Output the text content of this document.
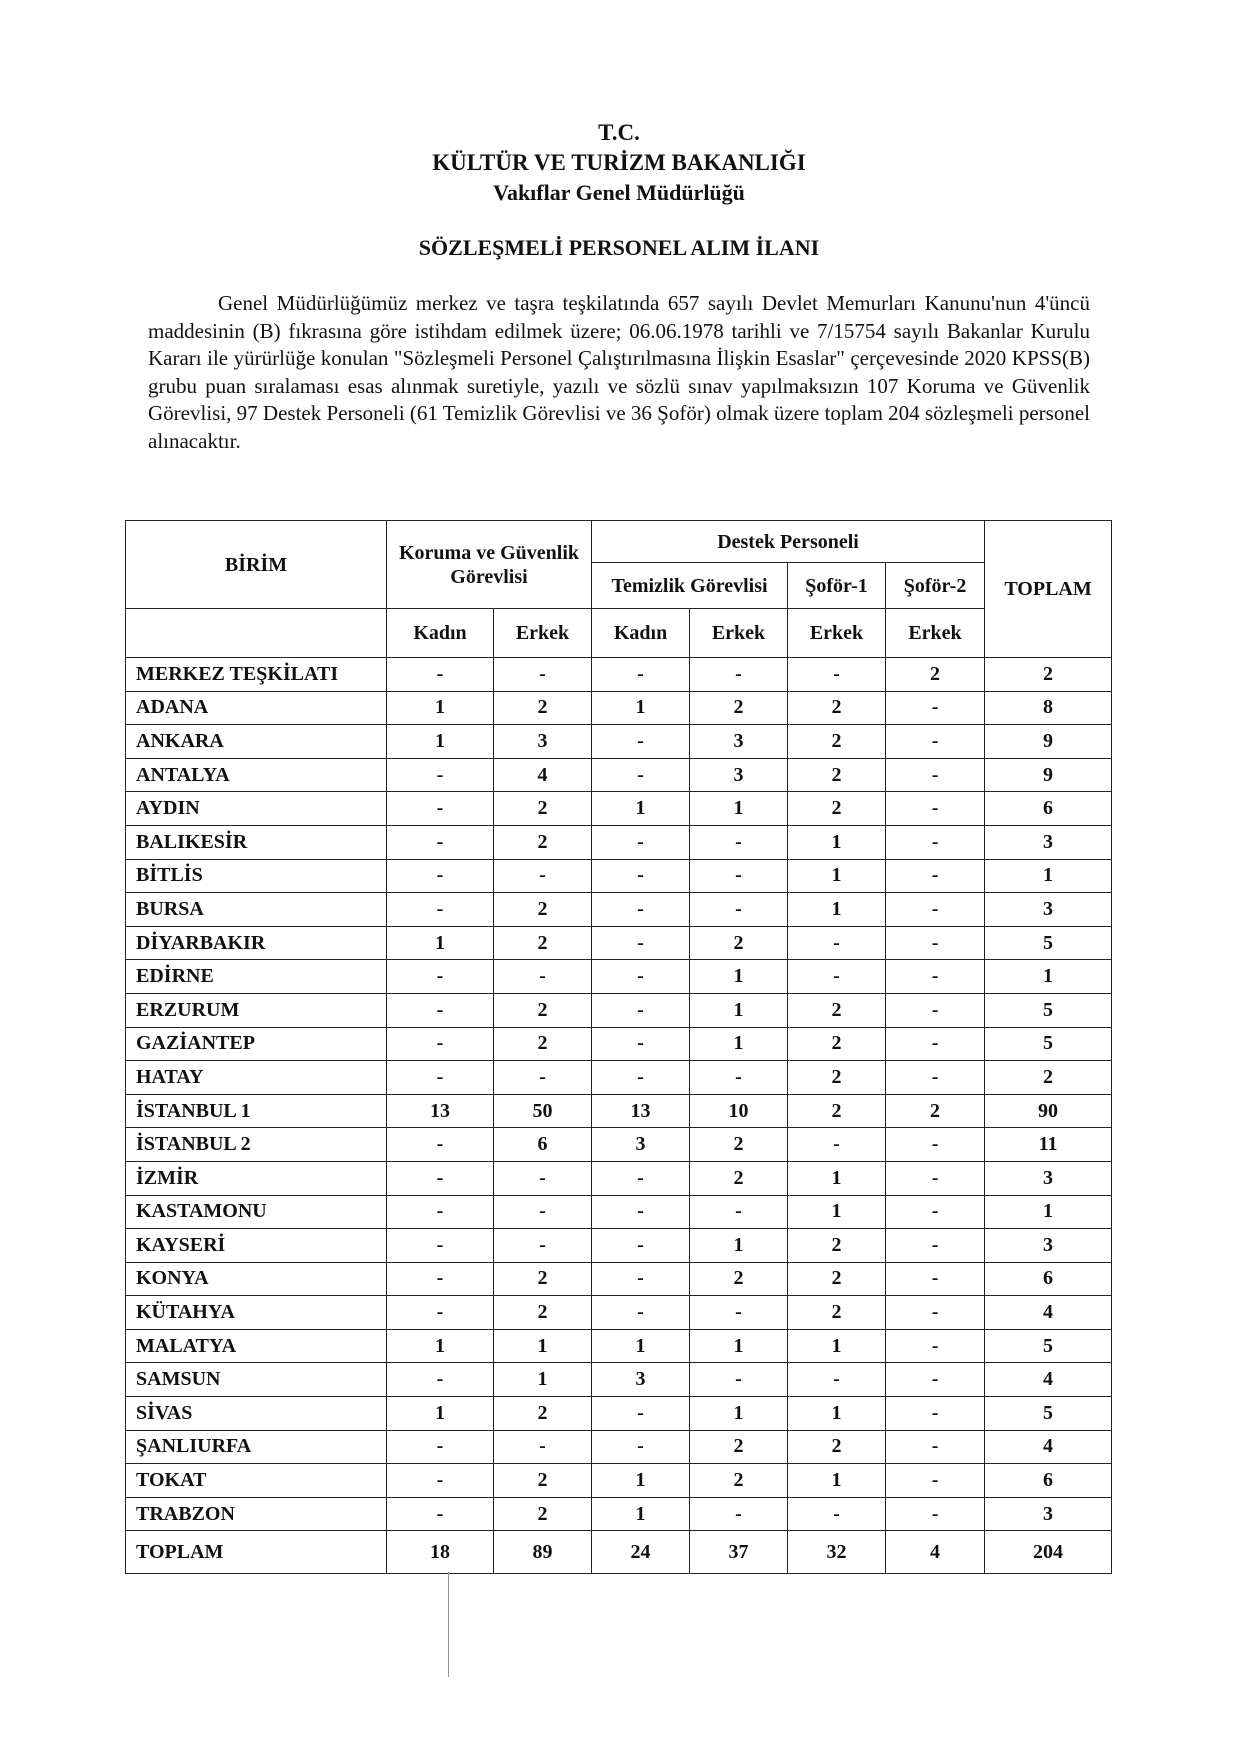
T.C.
KÜLTÜR VE TURİZM BAKANLIĞI
Vakıflar Genel Müdürlüğü
SÖZLEŞMELİ PERSONEL ALIM İLANI
Genel Müdürlüğümüz merkez ve taşra teşkilatında 657 sayılı Devlet Memurları Kanunu'nun 4'üncü maddesinin (B) fıkrasına göre istihdam edilmek üzere; 06.06.1978 tarihli ve 7/15754 sayılı Bakanlar Kurulu Kararı ile yürürlüğe konulan "Sözleşmeli Personel Çalıştırılmasına İlişkin Esaslar" çerçevesinde 2020 KPSS(B) grubu puan sıralaması esas alınmak suretiyle, yazılı ve sözlü sınav yapılmaksızın 107 Koruma ve Güvenlik Görevlisi, 97 Destek Personeli (61 Temizlik Görevlisi ve 36 Şoför) olmak üzere toplam 204 sözleşmeli personel alınacaktır.
BİRİM	Koruma ve Güvenlik Görevlisi		Destek Personeli				TOPLAM
			Temizlik Görevlisi		Şoför-1	Şoför-2	
	Kadın	Erkek	Kadın	Erkek	Erkek	Erkek	
MERKEZ TEŞKİLATI	-	-	-	-	-	2	2
ADANA	1	2	1	2	2	-	8
ANKARA	1	3	-	3	2	-	9
ANTALYA	-	4	-	3	2	-	9
AYDIN	-	2	1	1	2	-	6
BALIKESİR	-	2	-	-	1	-	3
BİTLİS	-	-	-	-	1	-	1
BURSA	-	2	-	-	1	-	3
DİYARBAKIR	1	2	-	2	-	-	5
EDİRNE	-	-	-	1	-	-	1
ERZURUM	-	2	-	1	2	-	5
GAZİANTEP	-	2	-	1	2	-	5
HATAY	-	-	-	-	2	-	2
İSTANBUL 1	13	50	13	10	2	2	90
İSTANBUL 2	-	6	3	2	-	-	11
İZMİR	-	-	-	2	1	-	3
KASTAMONU	-	-	-	-	1	-	1
KAYSERİ	-	-	-	1	2	-	3
KONYA	-	2	-	2	2	-	6
KÜTAHYA	-	2	-	-	2	-	4
MALATYA	1	1	1	1	1	-	5
SAMSUN	-	1	3	-	-	-	4
SİVAS	1	2	-	1	1	-	5
ŞANLIURFA	-	-	-	2	2	-	4
TOKAT	-	2	1	2	1	-	6
TRABZON	-	2	1	-	-	-	3
TOPLAM	18	89	24	37	32	4	204
